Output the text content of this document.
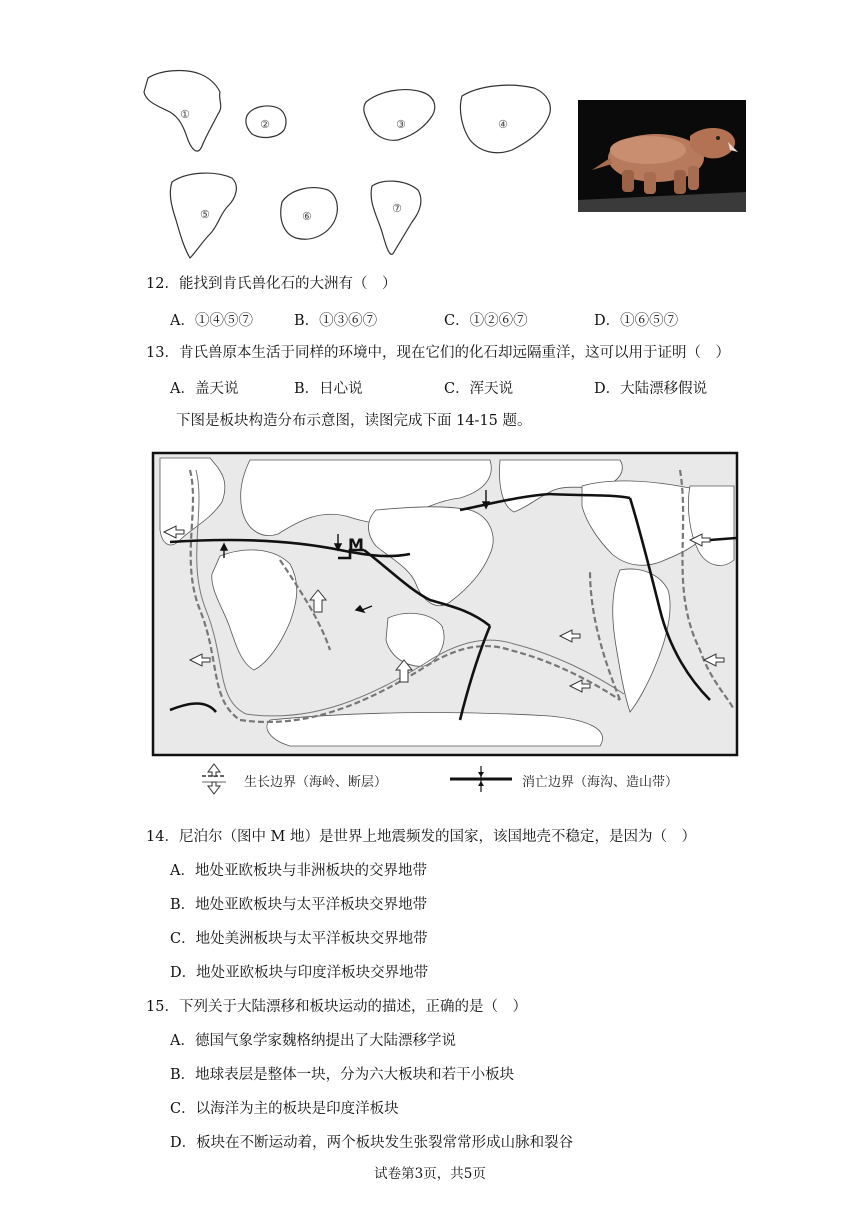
①
②	③	④
⑤	⑥
⑦
12．能找到肯氏兽化石的大洲有（　）
A．①④⑤⑦	B．①③⑥⑦	C．①②⑥⑦	D．①⑥⑤⑦
13．肯氏兽原本生活于同样的环境中，现在它们的化石却远隔重洋，这可以用于证明（　）
A．盖天说	B．日心说	C．浑天说	D．大陆漂移假说
下图是板块构造分布示意图，读图完成下面 14-15 题。
M
生长边界（海岭、断层）	消亡边界（海沟、造山带）
14．尼泊尔（图中 M 地）是世界上地震频发的国家，该国地壳不稳定，是因为（　）
A．地处亚欧板块与非洲板块的交界地带
B．地处亚欧板块与太平洋板块交界地带
C．地处美洲板块与太平洋板块交界地带
D．地处亚欧板块与印度洋板块交界地带
15．下列关于大陆漂移和板块运动的描述，正确的是（　）
A．德国气象学家魏格纳提出了大陆漂移学说
B．地球表层是整体一块，分为六大板块和若干小板块
C．以海洋为主的板块是印度洋板块
D．板块在不断运动着，两个板块发生张裂常常形成山脉和裂谷
试卷第3页，共5页
